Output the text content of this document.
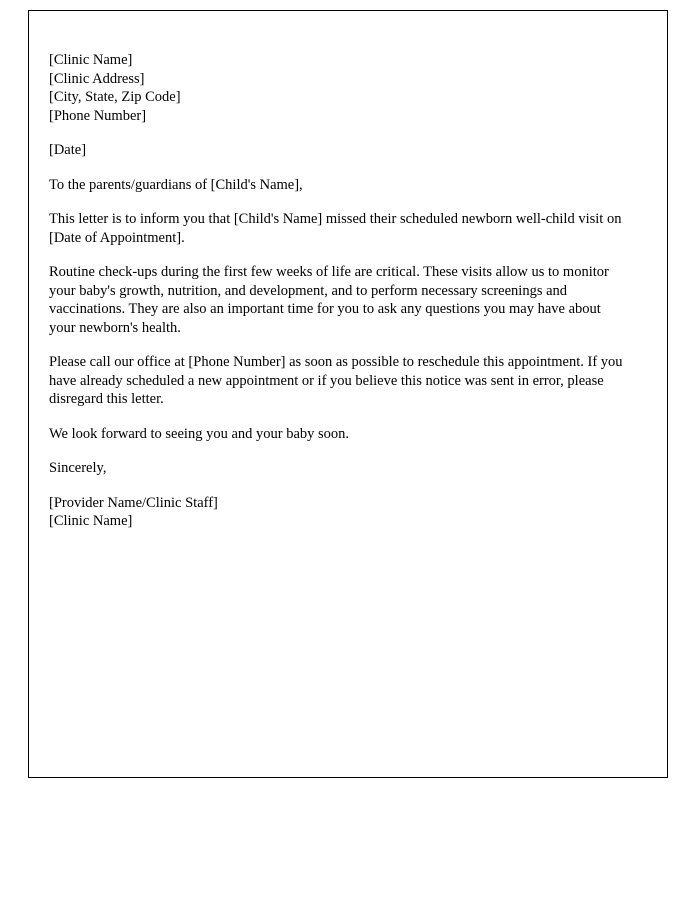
[Clinic Name]
[Clinic Address]
[City, State, Zip Code]
[Phone Number]
[Date]
To the parents/guardians of [Child's Name],

This letter is to inform you that [Child's Name] missed their scheduled newborn well-child visit on [Date of Appointment].

Routine check-ups during the first few weeks of life are critical. These visits allow us to monitor your baby's growth, nutrition, and development, and to perform necessary screenings and vaccinations. They are also an important time for you to ask any questions you may have about your newborn's health.

Please call our office at [Phone Number] as soon as possible to reschedule this appointment. If you have already scheduled a new appointment or if you believe this notice was sent in error, please disregard this letter.

We look forward to seeing you and your baby soon.

Sincerely,
[Provider Name/Clinic Staff]
[Clinic Name]
